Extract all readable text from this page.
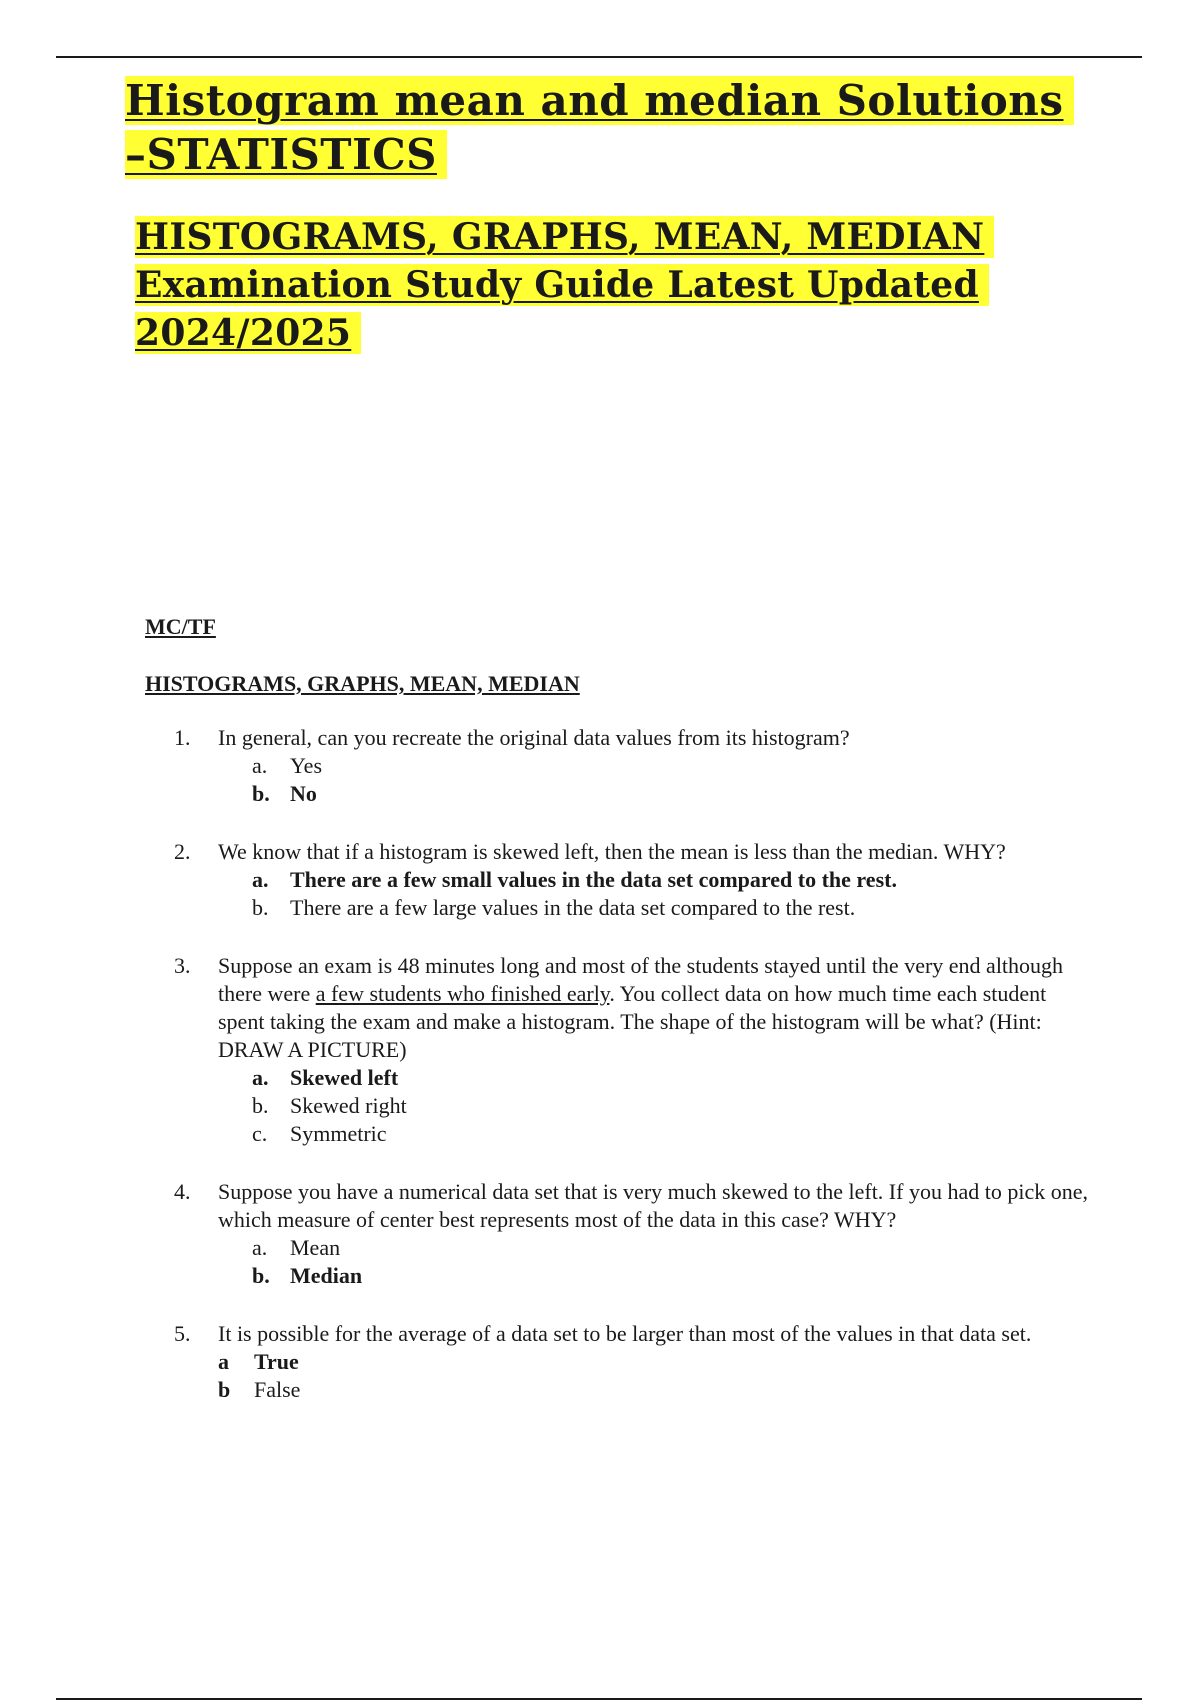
Histogram mean and median Solutions
–STATISTICS
HISTOGRAMS, GRAPHS, MEAN, MEDIAN
Examination Study Guide Latest Updated
2024/2025

MC/TF

HISTOGRAMS, GRAPHS, MEAN, MEDIAN

1. In general, can you recreate the original data values from its histogram?
a. Yes
b. No
2. We know that if a histogram is skewed left, then the mean is less than the median. WHY?
a. There are a few small values in the data set compared to the rest.
b. There are a few large values in the data set compared to the rest.
3. Suppose an exam is 48 minutes long and most of the students stayed until the very end although there were a few students who finished early. You collect data on how much time each student spent taking the exam and make a histogram. The shape of the histogram will be what? (Hint: DRAW A PICTURE)
a. Skewed left
b. Skewed right
c. Symmetric
4. Suppose you have a numerical data set that is very much skewed to the left. If you had to pick one, which measure of center best represents most of the data in this case? WHY?
a. Mean
b. Median
5. It is possible for the average of a data set to be larger than most of the values in that data set.
a True
b False
